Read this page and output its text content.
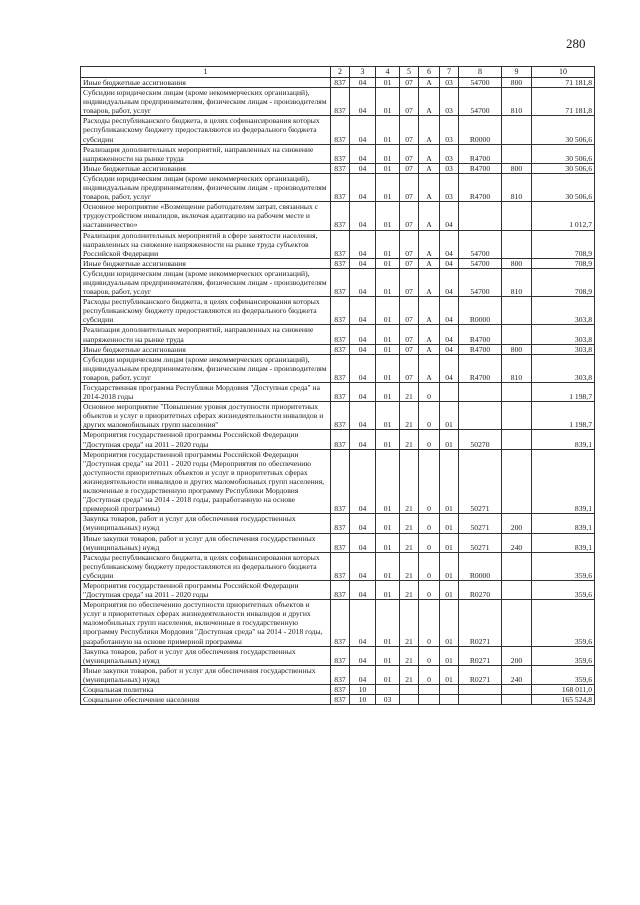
280
1	2	3	4	5	6	7	8	9	10
Иные бюджетные ассигнования	837	04	01	07	А	03	54700	800	71 181,8
Субсидии юридическим лицам (кроме некоммерческих организаций), индивидуальным предпринимателям, физическим лицам - производителям товаров, работ, услуг	837	04	01	07	А	03	54700	810	71 181,8
Расходы республиканского бюджета, в целях софинансирования которых республиканскому бюджету предоставляются из федерального бюджета субсидии	837	04	01	07	А	03	R0000		30 506,6
Реализация дополнительных мероприятий, направленных на снижение напряженности на рынке труда	837	04	01	07	А	03	R4700		30 506,6
Иные бюджетные ассигнования	837	04	01	07	А	03	R4700	800	30 506,6
Субсидии юридическим лицам (кроме некоммерческих организаций), индивидуальным предпринимателям, физическим лицам - производителям товаров, работ, услуг	837	04	01	07	А	03	R4700	810	30 506,6
Основное мероприятие «Возмещение работодателям затрат, связанных с трудоустройством инвалидов, включая адаптацию на рабочем месте и наставничество»	837	04	01	07	А	04			1 012,7
Реализация дополнительных мероприятий в сфере занятости населения, направленных на снижение напряженности на рынке труда субъектов Российской Федерации	837	04	01	07	А	04	54700		708,9
Иные бюджетные ассигнования	837	04	01	07	А	04	54700	800	708,9
Субсидии юридическим лицам (кроме некоммерческих организаций), индивидуальным предпринимателям, физическим лицам - производителям товаров, работ, услуг	837	04	01	07	А	04	54700	810	708,9
Расходы республиканского бюджета, в целях софинансирования которых республиканскому бюджету предоставляются из федерального бюджета субсидии	837	04	01	07	А	04	R0000		303,8
Реализация дополнительных мероприятий, направленных на снижение напряженности на рынке труда	837	04	01	07	А	04	R4700		303,8
Иные бюджетные ассигнования	837	04	01	07	А	04	R4700	800	303,8
Субсидии юридическим лицам (кроме некоммерческих организаций), индивидуальным предпринимателям, физическим лицам - производителям товаров, работ, услуг	837	04	01	07	А	04	R4700	810	303,8
Государственная программа Республики Мордовия "Доступная среда" на 2014-2018 годы	837	04	01	21	0				1 198,7
Основное мероприятие "Повышение уровня доступности приоритетных объектов и услуг в приоритетных сферах жизнедеятельности инвалидов и других маломобильных групп населения"	837	04	01	21	0	01			1 198,7
Мероприятия государственной программы Российской Федерации "Доступная среда" на 2011 - 2020 годы	837	04	01	21	0	01	50270		839,1
Мероприятия государственной программы Российской Федерации "Доступная среда" на 2011 - 2020 годы (Мероприятия по обеспечению доступности приоритетных объектов и услуг в приоритетных сферах жизнедеятельности инвалидов и других маломобильных групп населения, включенные в государственную программу Республики Мордовия "Доступная среда" на 2014 - 2018 годы, разработанную на основе примерной программы)	837	04	01	21	0	01	50271		839,1
Закупка товаров, работ и услуг для обеспечения государственных (муниципальных) нужд	837	04	01	21	0	01	50271	200	839,1
Иные закупки товаров, работ и услуг для обеспечения государственных (муниципальных) нужд	837	04	01	21	0	01	50271	240	839,1
Расходы республиканского бюджета, в целях софинансирования которых республиканскому бюджету предоставляются из федерального бюджета субсидии	837	04	01	21	0	01	R0000		359,6
Мероприятия государственной программы Российской Федерации "Доступная среда" на 2011 - 2020 годы	837	04	01	21	0	01	R0270		359,6
Мероприятия по обеспечению доступности приоритетных объектов и услуг в приоритетных сферах жизнедеятельности инвалидов и других маломобильных групп населения, включенные в государственную программу Республики Мордовия "Доступная среда" на 2014 - 2018 годы, разработанную на основе примерной программы	837	04	01	21	0	01	R0271		359,6
Закупка товаров, работ и услуг для обеспечения государственных (муниципальных) нужд	837	04	01	21	0	01	R0271	200	359,6
Иные закупки товаров, работ и услуг для обеспечения государственных (муниципальных) нужд	837	04	01	21	0	01	R0271	240	359,6
Социальная политика	837	10							168 011,0
Социальное обеспечение населения	837	10	03						165 524,8
